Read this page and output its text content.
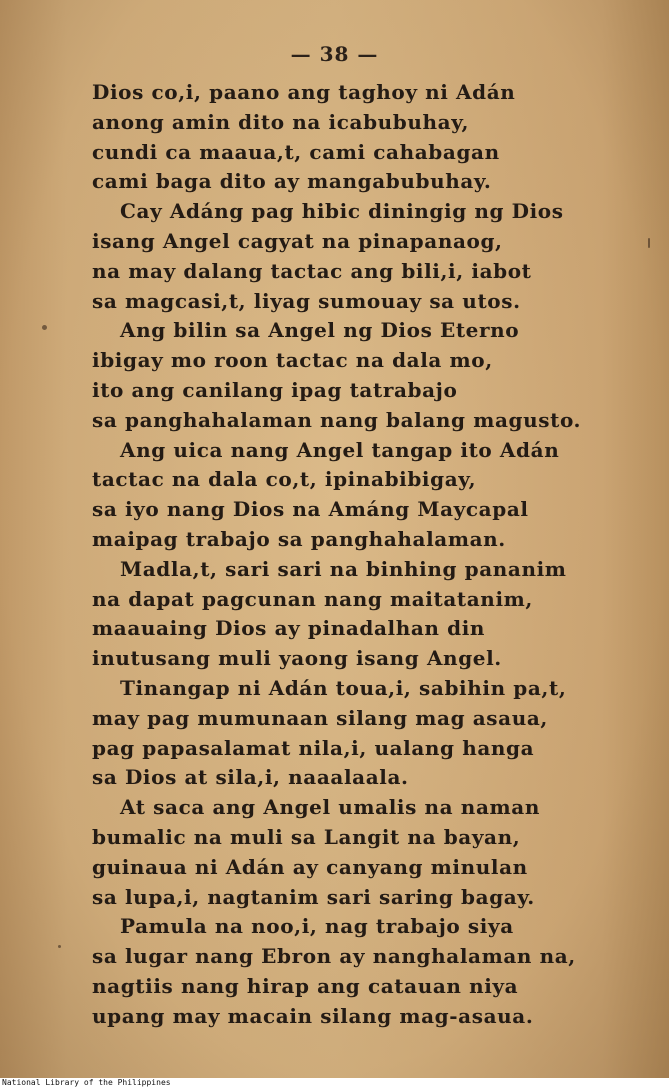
— 38 —
Dios co,i, paano ang taghoy ni Adán
anong amin dito na icabubuhay,
cundi ca maaua,t, cami cahabagan
cami baga dito ay mangabubuhay.
Cay Adáng pag hibic diningig ng Dios
isang Angel cagyat na pinapanaog,
na may dalang tactac ang bili,i, iabot
sa magcasi,t, liyag sumouay sa utos.
Ang bilin sa Angel ng Dios Eterno
ibigay mo roon tactac na dala mo,
ito ang canilang ipag tatrabajo
sa panghahalaman nang balang magusto.
Ang uica nang Angel tangap ito Adán
tactac na dala co,t, ipinabibigay,
sa iyo nang Dios na Amáng Maycapal
maipag trabajo sa panghahalaman.
Madla,t, sari sari na binhing pananim
na dapat pagcunan nang maitatanim,
maauaing Dios ay pinadalhan din
inutusang muli yaong isang Angel.
Tinangap ni Adán toua,i, sabihin pa,t,
may pag mumunaan silang mag asaua,
pag papasalamat nila,i, ualang hanga
sa Dios at sila,i, naaalaala.
At saca ang Angel umalis na naman
bumalic na muli sa Langit na bayan,
guinaua ni Adán ay canyang minulan
sa lupa,i, nagtanim sari saring bagay.
Pamula na noo,i, nag trabajo siya
sa lugar nang Ebron ay nanghalaman na,
nagtiis nang hirap ang catauan niya
upang may macain silang mag-asaua.
National Library of the Philippines
